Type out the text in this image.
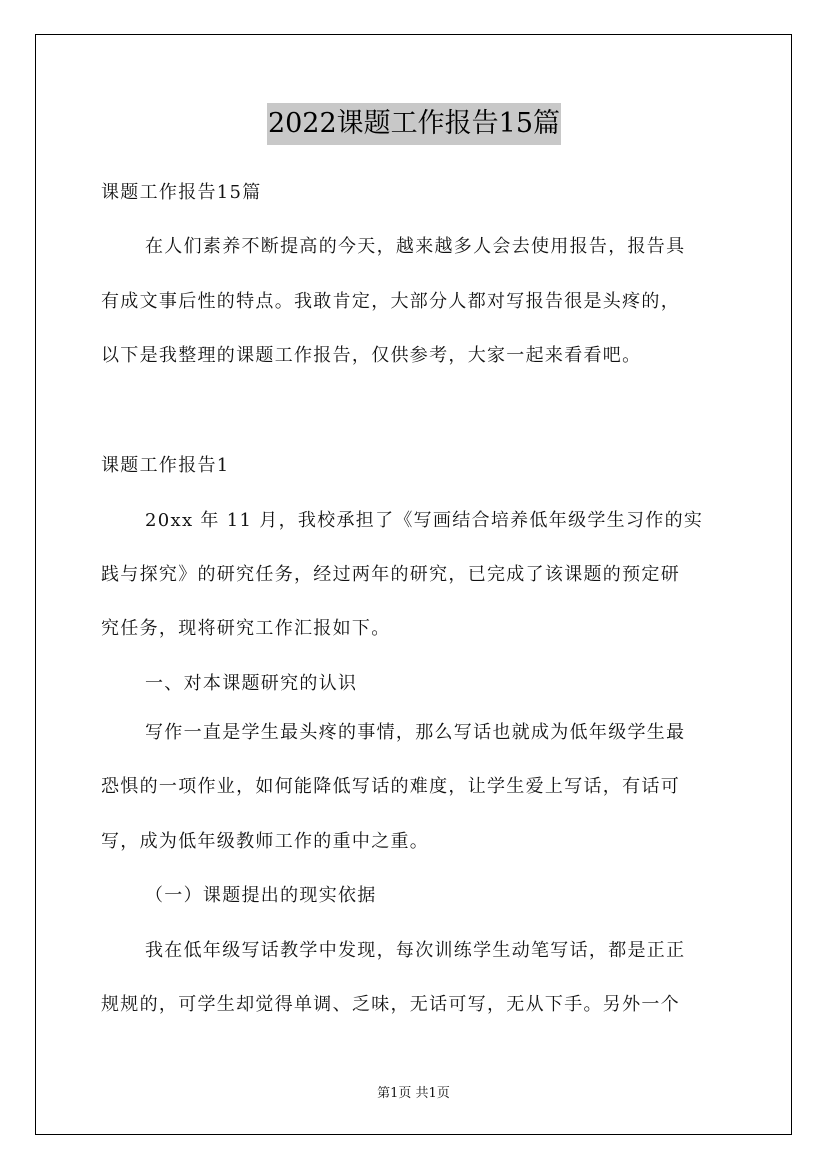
2022课题工作报告15篇
课题工作报告15篇
在人们素养不断提高的今天，越来越多人会去使用报告，报告具
有成文事后性的特点。我敢肯定，大部分人都对写报告很是头疼的，
以下是我整理的课题工作报告，仅供参考，大家一起来看看吧。
课题工作报告1
20xx 年 11 月，我校承担了《写画结合培养低年级学生习作的实
践与探究》的研究任务，经过两年的研究，已完成了该课题的预定研
究任务，现将研究工作汇报如下。
一、对本课题研究的认识
写作一直是学生最头疼的事情，那么写话也就成为低年级学生最
恐惧的一项作业，如何能降低写话的难度，让学生爱上写话，有话可
写，成为低年级教师工作的重中之重。
（一）课题提出的现实依据
我在低年级写话教学中发现，每次训练学生动笔写话，都是正正
规规的，可学生却觉得单调、乏味，无话可写，无从下手。另外一个
第1页 共1页
